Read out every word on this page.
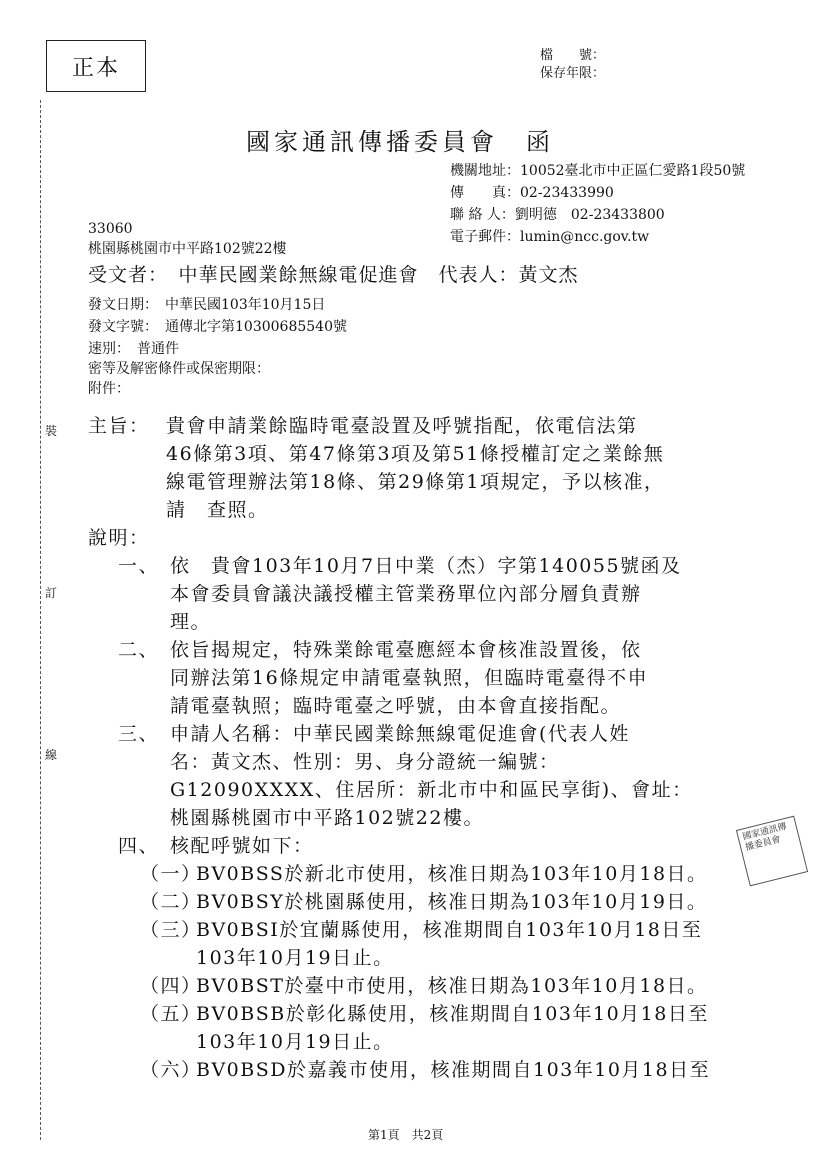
正本	檔　　號：
保存年限：
國家通訊傳播委員會　函
機關地址：10052臺北市中正區仁愛路1段50號
傳　　真：02-23433990
聯 絡 人：劉明德　02-23433800
電子郵件：lumin@ncc.gov.tw
33060
桃園縣桃園市中平路102號22樓
受文者：　中華民國業餘無線電促進會　代表人：黃文杰
發文日期：　中華民國103年10月15日
發文字號：　通傳北字第10300685540號
速別：　普通件
密等及解密條件或保密期限：
附件：
主旨： 貴會申請業餘臨時電臺設置及呼號指配，依電信法第
46條第3項、第47條第3項及第51條授權訂定之業餘無
線電管理辦法第18條、第29條第1項規定，予以核准，
請　查照。
說明：
一、 依　貴會103年10月7日中業（杰）字第140055號函及
本會委員會議決議授權主管業務單位內部分層負責辦
理。
二、 依旨揭規定，特殊業餘電臺應經本會核准設置後，依
同辦法第16條規定申請電臺執照，但臨時電臺得不申
請電臺執照；臨時電臺之呼號，由本會直接指配。
三、 申請人名稱：中華民國業餘無線電促進會(代表人姓
名：黃文杰、性別：男、身分證統一編號：
G12090XXXX、住居所：新北市中和區民享街)、會址：
桃園縣桃園市中平路102號22樓。
四、 核配呼號如下：
（一）
BV0BSS於新北市使用，核准日期為103年10月18日。
（二）
BV0BSY於桃園縣使用，核准日期為103年10月19日。
（三）
BV0BSI於宜蘭縣使用，核准期間自103年10月18日至
103年10月19日止。
（四）
BV0BST於臺中市使用，核准日期為103年10月18日。
（五）
BV0BSB於彰化縣使用，核准期間自103年10月18日至
103年10月19日止。
（六）
BV0BSD於嘉義市使用，核准期間自103年10月18日至
裝
訂
線
國家通訊傳播委員會
第1頁　共2頁
